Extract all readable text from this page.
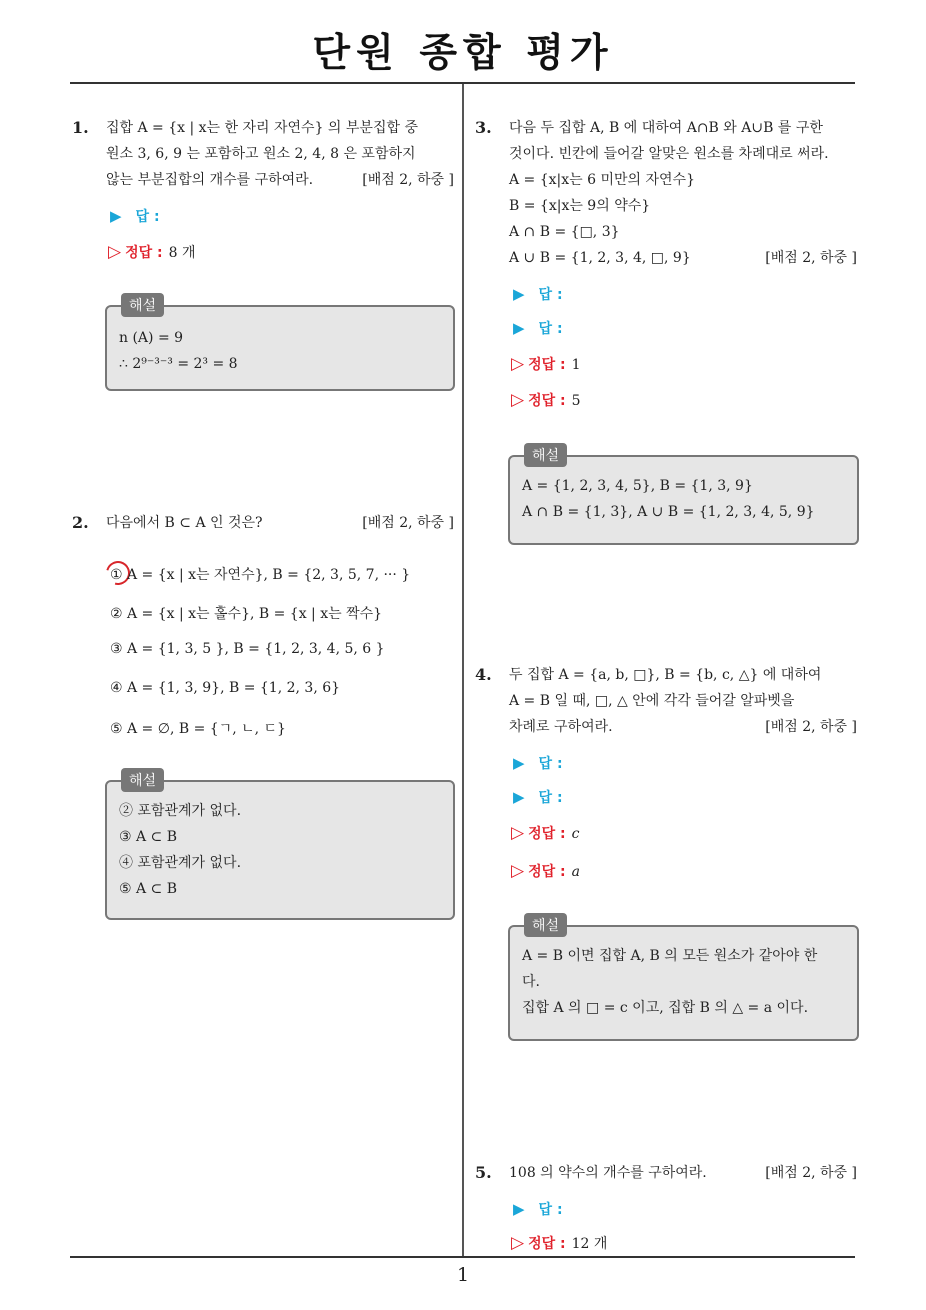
단원 종합 평가
1
1. 집합 A = {x | x는 한 자리 자연수} 의 부분집합 중
원소 3, 6, 9 는 포함하고 원소 2, 4, 8 은 포함하지
않는 부분집합의 개수를 구하여라.	[배점 2, 하중 ]
▶ 답 :
▷ 정답 : 8 개
해설
n (A) = 9
∴ 2⁹⁻³⁻³ = 2³ = 8
2. 다음에서 B ⊂ A 인 것은?	[배점 2, 하중 ]
① A = {x | x는 자연수}, B = {2, 3, 5, 7, ··· }
② A = {x | x는 홀수}, B = {x | x는 짝수}
③ A = {1, 3, 5 }, B = {1, 2, 3, 4, 5, 6 }
④ A = {1, 3, 9}, B = {1, 2, 3, 6}
⑤ A = ∅, B = {ㄱ, ㄴ, ㄷ}
해설
② 포함관계가 없다.
③ A ⊂ B
④ 포함관계가 없다.
⑤ A ⊂ B
3. 다음 두 집합 A, B 에 대하여 A∩B 와 A∪B 를 구한
것이다. 빈칸에 들어갈 알맞은 원소를 차례대로 써라.
A = {x|x는 6 미만의 자연수}
B = {x|x는 9의 약수}
A ∩ B = {□, 3}
A ∪ B = {1, 2, 3, 4, □, 9}	[배점 2, 하중 ]
▶ 답 :
▶ 답 :
▷ 정답 : 1
▷ 정답 : 5
해설
A = {1, 2, 3, 4, 5}, B = {1, 3, 9}
A ∩ B = {1, 3}, A ∪ B = {1, 2, 3, 4, 5, 9}
4. 두 집합 A = {a, b, □}, B = {b, c, △} 에 대하여
A = B 일 때, □, △ 안에 각각 들어갈 알파벳을
차례로 구하여라.	[배점 2, 하중 ]
▶ 답 :
▶ 답 :
▷ 정답 : c
▷ 정답 : a
해설
A = B 이면 집합 A, B 의 모든 원소가 같아야 한
다.
집합 A 의 □ = c 이고, 집합 B 의 △ = a 이다.
5. 108 의 약수의 개수를 구하여라.	[배점 2, 하중 ]
▶ 답 :
▷ 정답 : 12 개
